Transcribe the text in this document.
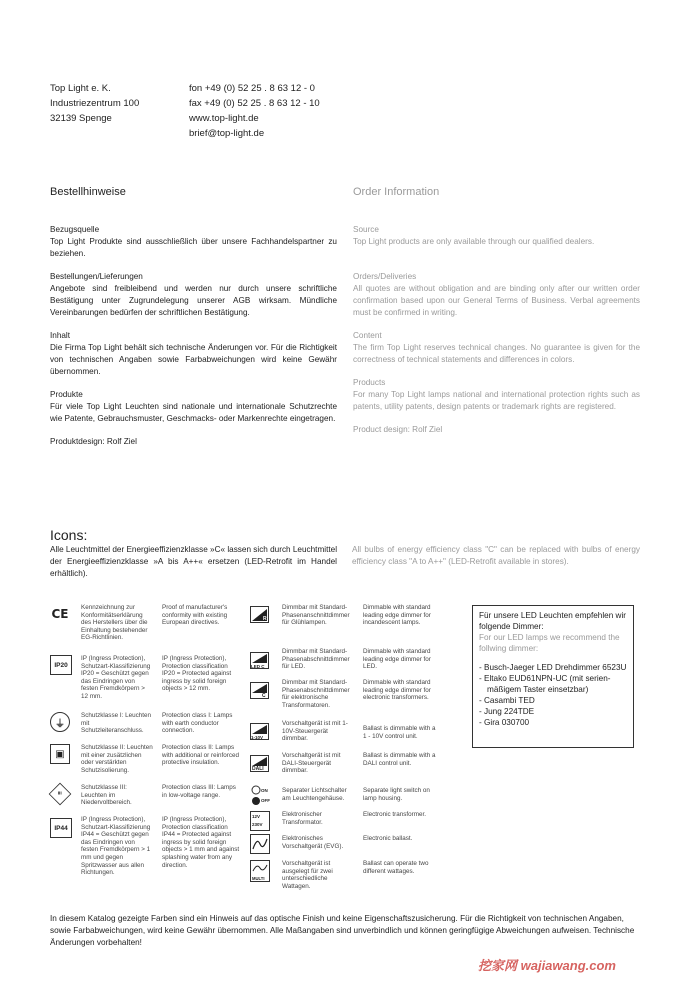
Top Light e. K.
Industriezentrum 100
32139 Spenge
fon +49 (0) 52 25 . 8 63 12 - 0
fax +49 (0) 52 25 . 8 63 12 - 10
www.top-light.de
brief@top-light.de
Bestellhinweise	Order Information
Bezugsquelle
Top Light Produkte sind ausschließlich über unsere Fachhandelspartner zu beziehen.
Bestellungen/Lieferungen
Angebote sind freibleibend und werden nur durch unsere schriftliche Bestätigung unter Zugrundelegung unserer AGB wirksam. Mündliche Vereinbarungen bedürfen der schriftlichen Bestätigung.
Inhalt
Die Firma Top Light behält sich technische Änderungen vor. Für die Richtigkeit von technischen Angaben sowie Farbabweichungen wird keine Gewähr übernommen.
Produkte
Für viele Top Light Leuchten sind nationale und internationale Schutzrechte wie Patente, Gebrauchsmuster, Geschmacks- oder Markenrechte eingetragen.
Produktdesign: Rolf Ziel
Source
Top Light products are only available through our qualified dealers.
Orders/Deliveries
All quotes are without obligation and are binding only after our written order confirmation based upon our General Terms of Business. Verbal agreements must be confirmed in writing.
Content
The firm Top Light reserves technical changes. No guarantee is given for the correctness of technical statements and differences in colors.
Products
For many Top Light lamps national and international protection rights such as patents, utility patents, design patents or trademark rights are registered.
Product design: Rolf Ziel
Icons:
Alle Leuchtmittel der Energieeffizienzklasse »C« lassen sich durch Leuchtmittel der Energieeffizienzklasse »A bis A++« ersetzen (LED-Retrofit im Handel erhältlich).
All bulbs of energy efficiency class "C" can be replaced with bulbs of energy efficiency class "A to A++" (LED-Retrofit available in stores).
CE Kennzeichnung zur Konformitätserklärung des Herstellers über die Einhaltung bestehender EG-Richtlinien.
Proof of manufacturer's conformity with existing European directives.
IP20
IP (Ingress Protection), Schutzart-Klassifizierung IP20 = Geschützt gegen das Eindringen von festen Fremdkörpern > 12 mm.
IP (Ingress Protection), Protection classification IP20 = Protected against ingress by solid foreign objects > 12 mm.
⏚
Schutzklasse I: Leuchten mit Schutzleiteranschluss.
Protection class I: Lamps with earth conductor connection.
▣
Schutzklasse II: Leuchten mit einer zusätzlichen oder verstärkten Schutzisolierung.
Protection class II: Lamps with additional or reinforced protective insulation.
III
Schutzklasse III: Leuchten im Niedervoltbereich.
Protection class III: Lamps in low-voltage range.
IP44
IP (Ingress Protection), Schutzart-Klassifizierung IP44 = Geschützt gegen das Eindringen von festen Fremdkörpern > 1 mm und gegen Spritzwasser aus allen Richtungen.
IP (Ingress Protection), Protection classification IP44 = Protected against ingress by solid foreign objects > 1 mm and against splashing water from any direction.
R
Dimmbar mit Standard-Phasenanschnittdimmer für Glühlampen.
Dimmable with standard leading edge dimmer for incandescent lamps.
LED C
Dimmbar mit Standard-Phasenabschnittdimmer für LED.
Dimmable with standard leading edge dimmer for LED.
C
Dimmbar mit Standard-Phasenabschnittdimmer für elektronische Transformatoren.
Dimmable with standard leading edge dimmer for electronic transformers.
1-10V
Vorschaltgerät ist mit 1- 10V-Steuergerät dimmbar.
Ballast is dimmable with a 1 - 10V control unit.
DALI
Vorschaltgerät ist mit DALI-Steuergerät dimmbar.
Ballast is dimmable with a DALI control unit.
ON OFF
Separater Lichtschalter am Leuchtengehäuse.
Separate light switch on lamp housing.
12V 230V
Elektronischer Transformator.
Electronic transformer.
Elektronisches Vorschaltgerät (EVG).
Electronic ballast.
MULTI
Vorschaltgerät ist ausgelegt für zwei unterschiedliche Wattagen.
Ballast can operate two different wattages.
Für unsere LED Leuchten empfehlen wir folgende Dimmer:
For our LED lamps we recommend the follwing dimmer:
- Busch-Jaeger LED Drehdimmer 6523U
- Eltako EUD61NPN-UC (mit serien-mäßigem Taster einsetzbar)
- Casambi TED
- Jung 224TDE
- Gira 030700
In diesem Katalog gezeigte Farben sind ein Hinweis auf das optische Finish und keine Eigenschaftszusicherung. Für die Richtigkeit von technischen Angaben, sowie Farbabweichungen, wird keine Gewähr übernommen. Alle Maßangaben sind unverbindlich und können geringfügige Abweichungen aufweisen. Technische Änderungen vorbehalten!
挖家网 wajiawang.com
